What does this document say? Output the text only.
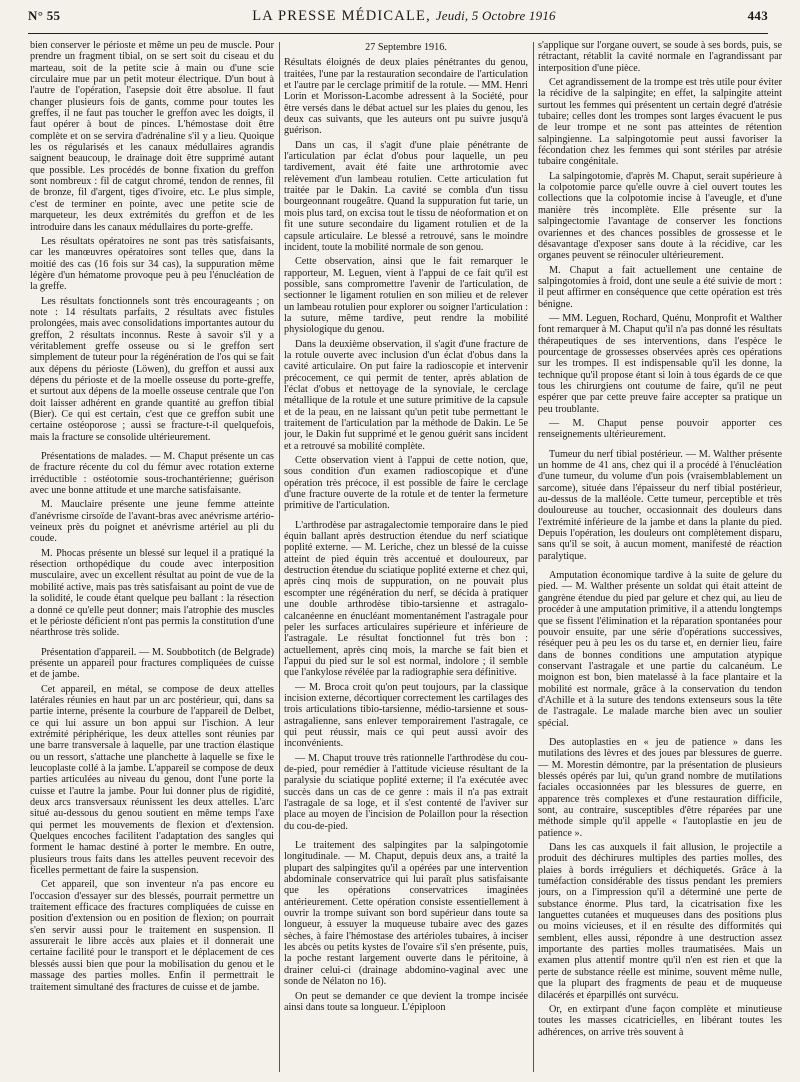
N° 55	LA PRESSE MÉDICALE, Jeudi, 5 Octobre 1916	443

bien conserver le périoste et même un peu de muscle. Pour prendre un fragment tibial, on se sert soit du ciseau et du marteau, soit de la petite scie à main ou d'une scie circulaire mue par un petit moteur électrique. D'un bout à l'autre de l'opération, l'asepsie doit être absolue. Il faut changer plusieurs fois de gants, comme pour toutes les greffes, il ne faut pas toucher le greffon avec les doigts, il faut opérer à bout de pinces. L'hémostase doit être complète et on se servira d'adrénaline s'il y a lieu. Quoique les os régularisés et les canaux médullaires agrandis saignent beaucoup, le drainage doit être supprimé autant que possible. Les procédés de bonne fixation du greffon sont nombreux : fil de catgut chromé, tendon de rennes, fil de bronze, fil d'argent, tiges d'ivoire, etc. Le plus simple, c'est de terminer en pointe, avec une petite scie de marqueteur, les deux extrémités du greffon et de les introduire dans les canaux médullaires du porte-greffe.

Les résultats opératoires ne sont pas très satisfaisants, car les manœuvres opératoires sont telles que, dans la moitié des cas (16 fois sur 34 cas), la suppuration même légère d'un hématome provoque peu à peu l'énucléation de la greffe.

Les résultats fonctionnels sont très encourageants ; on note : 14 résultats parfaits, 2 résultats avec fistules prolongées, mais avec consolidations importantes autour du greffon, 2 résultats inconnus. Reste à savoir s'il y a véritablement greffe osseuse ou si le greffon sert simplement de tuteur pour la régénération de l'os qui se fait aux dépens du périoste (Löwen), du greffon et aussi aux dépens du périoste et de la moelle osseuse du porte-greffe, et surtout aux dépens de la moelle osseuse centrale que l'on doit laisser adhérent en grande quantité au greffon tibial (Bier). Ce qui est certain, c'est que ce greffon subit une certaine ostéoporose ; aussi se fracture-t-il quelquefois, mais la fracture se consolide ultérieurement.

Présentations de malades. — M. Chaput présente un cas de fracture récente du col du fémur avec rotation externe irréductible : ostéotomie sous-trochantérienne; guérison avec une bonne attitude et une marche satisfaisante.

M. Mauclaire présente une jeune femme atteinte d'anévrisme cirsoïde de l'avant-bras avec anévrisme artério-veineux près du poignet et anévrisme artériel au pli du coude.

M. Phocas présente un blessé sur lequel il a pratiqué la résection orthopédique du coude avec interposition musculaire, avec un excellent résultat au point de vue de la mobilité active, mais pas très satisfaisant au point de vue de la solidité, le coude étant quelque peu ballant : la résection a donné ce qu'elle peut donner; mais l'atrophie des muscles et le périoste déficient n'ont pas permis la constitution d'une néarthrose très solide.

Présentation d'appareil. — M. Soubbotitch (de Belgrade) présente un appareil pour fractures compliquées de cuisse et de jambe.

Cet appareil, en métal, se compose de deux attelles latérales réunies en haut par un arc postérieur, qui, dans sa partie interne, présente la courbure de l'appareil de Delbet, ce qui lui assure un bon appui sur l'ischion. A leur extrémité périphérique, les deux attelles sont réunies par une barre transversale à laquelle, par une traction élastique ou un ressort, s'attache une planchette à laquelle se fixe le leucoplaste collé à la jambe. L'appareil se compose de deux parties articulées au niveau du genou, dont l'une porte la cuisse et l'autre la jambe. Pour lui donner plus de rigidité, deux arcs transversaux réunissent les deux attelles. L'arc situé au-dessous du genou soutient en même temps l'axe qui permet les mouvements de flexion et d'extension. Quelques encoches facilitent l'adaptation des sangles qui forment le hamac destiné à porter le membre. En outre, plusieurs trous faits dans les attelles peuvent recevoir des ficelles permettant de faire la suspension.

Cet appareil, que son inventeur n'a pas encore eu l'occasion d'essayer sur des blessés, pourrait permettre un traitement efficace des fractures compliquées de cuisse en position d'extension ou en position de flexion; on pourrait s'en servir aussi pour le traitement en suspension. Il assurerait le libre accès aux plaies et il donnerait une certaine facilité pour le transport et le déplacement de ces blessés aussi bien que pour la mobilisation du genou et le massage des parties molles. Enfin il permettrait le traitement simultané des fractures de cuisse et de jambe.

27 Septembre 1916.

Résultats éloignés de deux plaies pénétrantes du genou, traitées, l'une par la restauration secondaire de l'articulation et l'autre par le cerclage primitif de la rotule. — MM. Henri Lorin et Morisson-Lacombe adressent à la Société, pour être versés dans le débat actuel sur les plaies du genou, les deux cas suivants, que les auteurs ont pu suivre jusqu'à guérison.

Dans un cas, il s'agit d'une plaie pénétrante de l'articulation par éclat d'obus pour laquelle, un peu tardivement, avait été faite une arthrotomie avec relèvement d'un lambeau rotulien. Cette articulation fut traitée par le Dakin. La cavité se combla d'un tissu bourgeonnant rougeâtre. Quand la suppuration fut tarie, un mois plus tard, on excisa tout le tissu de néoformation et on fit une suture secondaire du ligament rotulien et de la capsule articulaire. Le blessé a retrouvé, sans le moindre incident, toute la mobilité normale de son genou.

Cette observation, ainsi que le fait remarquer le rapporteur, M. Leguen, vient à l'appui de ce fait qu'il est possible, sans compromettre l'avenir de l'articulation, de sectionner le ligament rotulien en son milieu et de relever un lambeau rotulien pour explorer ou soigner l'articulation : la suture, même tardive, peut rendre la mobilité physiologique du genou.

Dans la deuxième observation, il s'agit d'une fracture de la rotule ouverte avec inclusion d'un éclat d'obus dans la cavité articulaire. On put faire la radioscopie et intervenir précocement, ce qui permit de tenter, après ablation de l'éclat d'obus et nettoyage de la synoviale, le cerclage métallique de la rotule et une suture primitive de la capsule et de la peau, en ne laissant qu'un petit tube permettant le traitement de l'articulation par la méthode de Dakin. Le 5e jour, le Dakin fut supprimé et le genou guérit sans incident et a retrouvé sa mobilité complète.

Cette observation vient à l'appui de cette notion, que, sous condition d'un examen radioscopique et d'une opération très précoce, il est possible de faire le cerclage d'une fracture ouverte de la rotule et de tenter la fermeture primitive de l'articulation.

L'arthrodèse par astragalectomie temporaire dans le pied équin ballant après destruction étendue du nerf sciatique poplité externe. — M. Leriche, chez un blessé de la cuisse atteint de pied équin très accentué et douloureux, par destruction étendue du sciatique poplité externe et chez qui, après cinq mois de suppuration, on ne pouvait plus escompter une régénération du nerf, se décida à pratiquer une double arthrodèse tibio-tarsienne et astragalo-calcanéenne en énucléant momentanément l'astragale pour peler les surfaces articulaires supérieure et inférieure de l'astragale. Le résultat fonctionnel fut très bon : actuellement, après cinq mois, la marche se fait bien et l'appui du pied sur le sol est normal, indolore ; il semble que l'ankylose révélée par la radiographie sera définitive.

— M. Broca croit qu'on peut toujours, par la classique incision externe, décortiquer correctement les cartilages des trois articulations tibio-tarsienne, médio-tarsienne et sous-astragalienne, sans enlever temporairement l'astragale, ce qui peut réussir, mais ce qui peut aussi avoir des inconvénients.

— M. Chaput trouve très rationnelle l'arthrodèse du cou-de-pied, pour remédier à l'attitude vicieuse résultant de la paralysie du sciatique poplité externe; il l'a exécutée avec succès dans un cas de ce genre : mais il n'a pas extrait l'astragale de sa loge, et il s'est contenté de l'aviver sur place au moyen de l'incision de Polaillon pour la résection du cou-de-pied.

Le traitement des salpingites par la salpingotomie longitudinale. — M. Chaput, depuis deux ans, a traité la plupart des salpingites qu'il a opérées par une intervention abdominale conservatrice qui lui paraît plus satisfaisante que les opérations conservatrices imaginées antérieurement. Cette opération consiste essentiellement à ouvrir la trompe suivant son bord supérieur dans toute sa longueur, à essuyer la muqueuse tubaire avec des gazes sèches, à faire l'hémostase des artérioles tubaires, à inciser les abcès ou petits kystes de l'ovaire s'il s'en présente, puis, la poche restant largement ouverte dans le péritoine, à drainer celui-ci (drainage abdomino-vaginal avec une sonde de Nélaton no 16).

On peut se demander ce que devient la trompe incisée ainsi dans toute sa longueur. L'épiploon

s'applique sur l'organe ouvert, se soude à ses bords, puis, se rétractant, rétablit la cavité normale en l'agrandissant par interposition d'une pièce.

Cet agrandissement de la trompe est très utile pour éviter la récidive de la salpingite; en effet, la salpingite atteint surtout les femmes qui présentent un certain degré d'atrésie tubaire; celles dont les trompes sont larges évacuent le pus de leur trompe et ne sont pas atteintes de rétention salpingienne. La salpingotomie peut aussi favoriser la fécondation chez les femmes qui sont stériles par atrésie tubaire congénitale.

La salpingotomie, d'après M. Chaput, serait supérieure à la colpotomie parce qu'elle ouvre à ciel ouvert toutes les collections que la colpotomie incise à l'aveugle, et d'une manière très incomplète. Elle présente sur la salpingectomie l'avantage de conserver les fonctions ovariennes et des chances possibles de grossesse et le désavantage d'exposer sans doute à la récidive, car les organes peuvent se réinoculer ultérieurement.

M. Chaput a fait actuellement une centaine de salpingotomies à froid, dont une seule a été suivie de mort : il peut affirmer en conséquence que cette opération est très bénigne.

— MM. Leguen, Rochard, Quénu, Monprofit et Walther font remarquer à M. Chaput qu'il n'a pas donné les résultats thérapeutiques de ses interventions, dans l'espèce le pourcentage de grossesses observées après ces opérations sur les trompes. Il est indispensable qu'il les donne, la technique qu'il propose étant si loin à tous égards de ce que tous les chirurgiens ont coutume de faire, qu'il ne peut espérer que par cette preuve faire accepter sa pratique un peu troublante.

— M. Chaput pense pouvoir apporter ces renseignements ultérieurement.

Tumeur du nerf tibial postérieur. — M. Walther présente un homme de 41 ans, chez qui il a procédé à l'énucléation d'une tumeur, du volume d'un pois (vraisemblablement un sarcome), située dans l'épaisseur du nerf tibial postérieur, au-dessus de la malléole. Cette tumeur, perceptible et très douloureuse au toucher, occasionnait des douleurs dans l'extrémité inférieure de la jambe et dans la plante du pied. Depuis l'opération, les douleurs ont complètement disparu, sans qu'il se soit, à aucun moment, manifesté de réaction paralytique.

Amputation économique tardive à la suite de gelure du pied. — M. Walther présente un soldat qui était atteint de gangrène étendue du pied par gelure et chez qui, au lieu de procéder à une amputation primitive, il a attendu longtemps que se fissent l'élimination et la réparation spontanées pour pouvoir ensuite, par une série d'opérations successives, réséquer peu à peu les os du tarse et, en dernier lieu, faire dans de bonnes conditions une amputation atypique conservant l'astragale et une partie du calcanéum. Le moignon est bon, bien matelassé à la face plantaire et la mobilité est normale, grâce à la conservation du tendon d'Achille et à la suture des tendons extenseurs sous la tête de l'astragale. Le malade marche bien avec un soulier spécial.

Des autoplasties en « jeu de patience » dans les mutilations des lèvres et des joues par blessures de guerre. — M. Morestin démontre, par la présentation de plusieurs blessés opérés par lui, qu'un grand nombre de mutilations faciales occasionnées par les blessures de guerre, en apparence très complexes et d'une restauration difficile, sont, au contraire, susceptibles d'être réparées par une méthode simple qu'il appelle « l'autoplastie en jeu de patience ».

Dans les cas auxquels il fait allusion, le projectile a produit des déchirures multiples des parties molles, des plaies à bords irréguliers et déchiquetés. Grâce à la tuméfaction considérable des tissus pendant les premiers jours, on a l'impression qu'il a déterminé une perte de substance énorme. Plus tard, la cicatrisation fixe les languettes cutanées et muqueuses dans des positions plus ou moins vicieuses, et il en résulte des difformités qui semblent, elles aussi, répondre à une destruction assez importante des parties molles traumatisées. Mais un examen plus attentif montre qu'il n'en est rien et que la perte de substance réelle est minime, souvent même nulle, que la plupart des fragments de peau et de muqueuse dilacérés et éparpillés ont survécu.

Or, en extirpant d'une façon complète et minutieuse toutes les masses cicatricielles, en libérant toutes les adhérences, on arrive très souvent à
